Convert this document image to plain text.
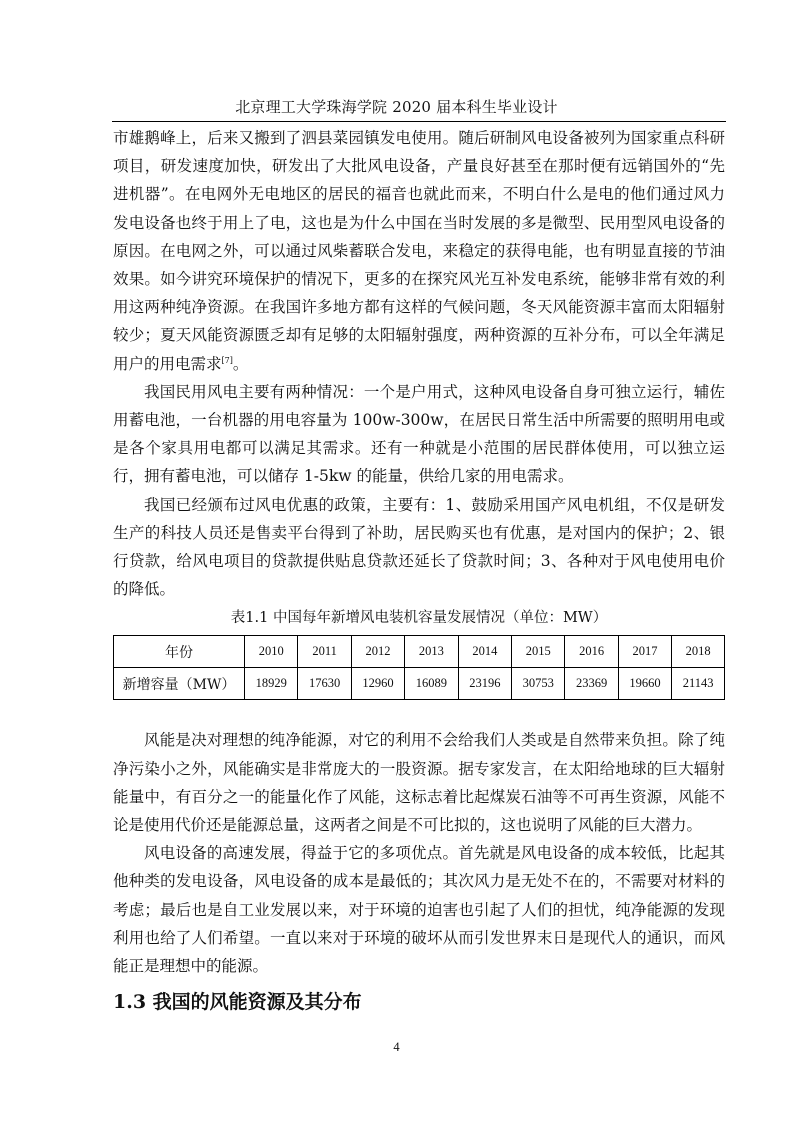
北京理工大学珠海学院 2020 届本科生毕业设计

市雄鹅峰上，后来又搬到了泗县菜园镇发电使用。随后研制风电设备被列为国家重点科研项目，研发速度加快，研发出了大批风电设备，产量良好甚至在那时便有远销国外的“先进机器”。在电网外无电地区的居民的福音也就此而来，不明白什么是电的他们通过风力发电设备也终于用上了电，这也是为什么中国在当时发展的多是微型、民用型风电设备的原因。在电网之外，可以通过风柴蓄联合发电，来稳定的获得电能，也有明显直接的节油效果。如今讲究环境保护的情况下，更多的在探究风光互补发电系统，能够非常有效的利用这两种纯净资源。在我国许多地方都有这样的气候问题，冬天风能资源丰富而太阳辐射较少；夏天风能资源匮乏却有足够的太阳辐射强度，两种资源的互补分布，可以全年满足用户的用电需求[7]。

我国民用风电主要有两种情况：一个是户用式，这种风电设备自身可独立运行，辅佐用蓄电池，一台机器的用电容量为 100w-300w，在居民日常生活中所需要的照明用电或是各个家具用电都可以满足其需求。还有一种就是小范围的居民群体使用，可以独立运行，拥有蓄电池，可以储存 1-5kw 的能量，供给几家的用电需求。

我国已经颁布过风电优惠的政策，主要有：1、鼓励采用国产风电机组，不仅是研发生产的科技人员还是售卖平台得到了补助，居民购买也有优惠，是对国内的保护；2、银行贷款，给风电项目的贷款提供贴息贷款还延长了贷款时间；3、各种对于风电使用电价的降低。

表1.1 中国每年新增风电装机容量发展情况（单位：MW）
年份	2010	2011	2012	2013	2014	2015	2016	2017	2018
新增容量（MW）	18929	17630	12960	16089	23196	30753	23369	19660	21143

风能是决对理想的纯净能源，对它的利用不会给我们人类或是自然带来负担。除了纯净污染小之外，风能确实是非常庞大的一股资源。据专家发言，在太阳给地球的巨大辐射能量中，有百分之一的能量化作了风能，这标志着比起煤炭石油等不可再生资源，风能不论是使用代价还是能源总量，这两者之间是不可比拟的，这也说明了风能的巨大潜力。

风电设备的高速发展，得益于它的多项优点。首先就是风电设备的成本较低，比起其他种类的发电设备，风电设备的成本是最低的；其次风力是无处不在的，不需要对材料的考虑；最后也是自工业发展以来，对于环境的迫害也引起了人们的担忧，纯净能源的发现利用也给了人们希望。一直以来对于环境的破坏从而引发世界末日是现代人的通识，而风能正是理想中的能源。

1.3 我国的风能资源及其分布
4
